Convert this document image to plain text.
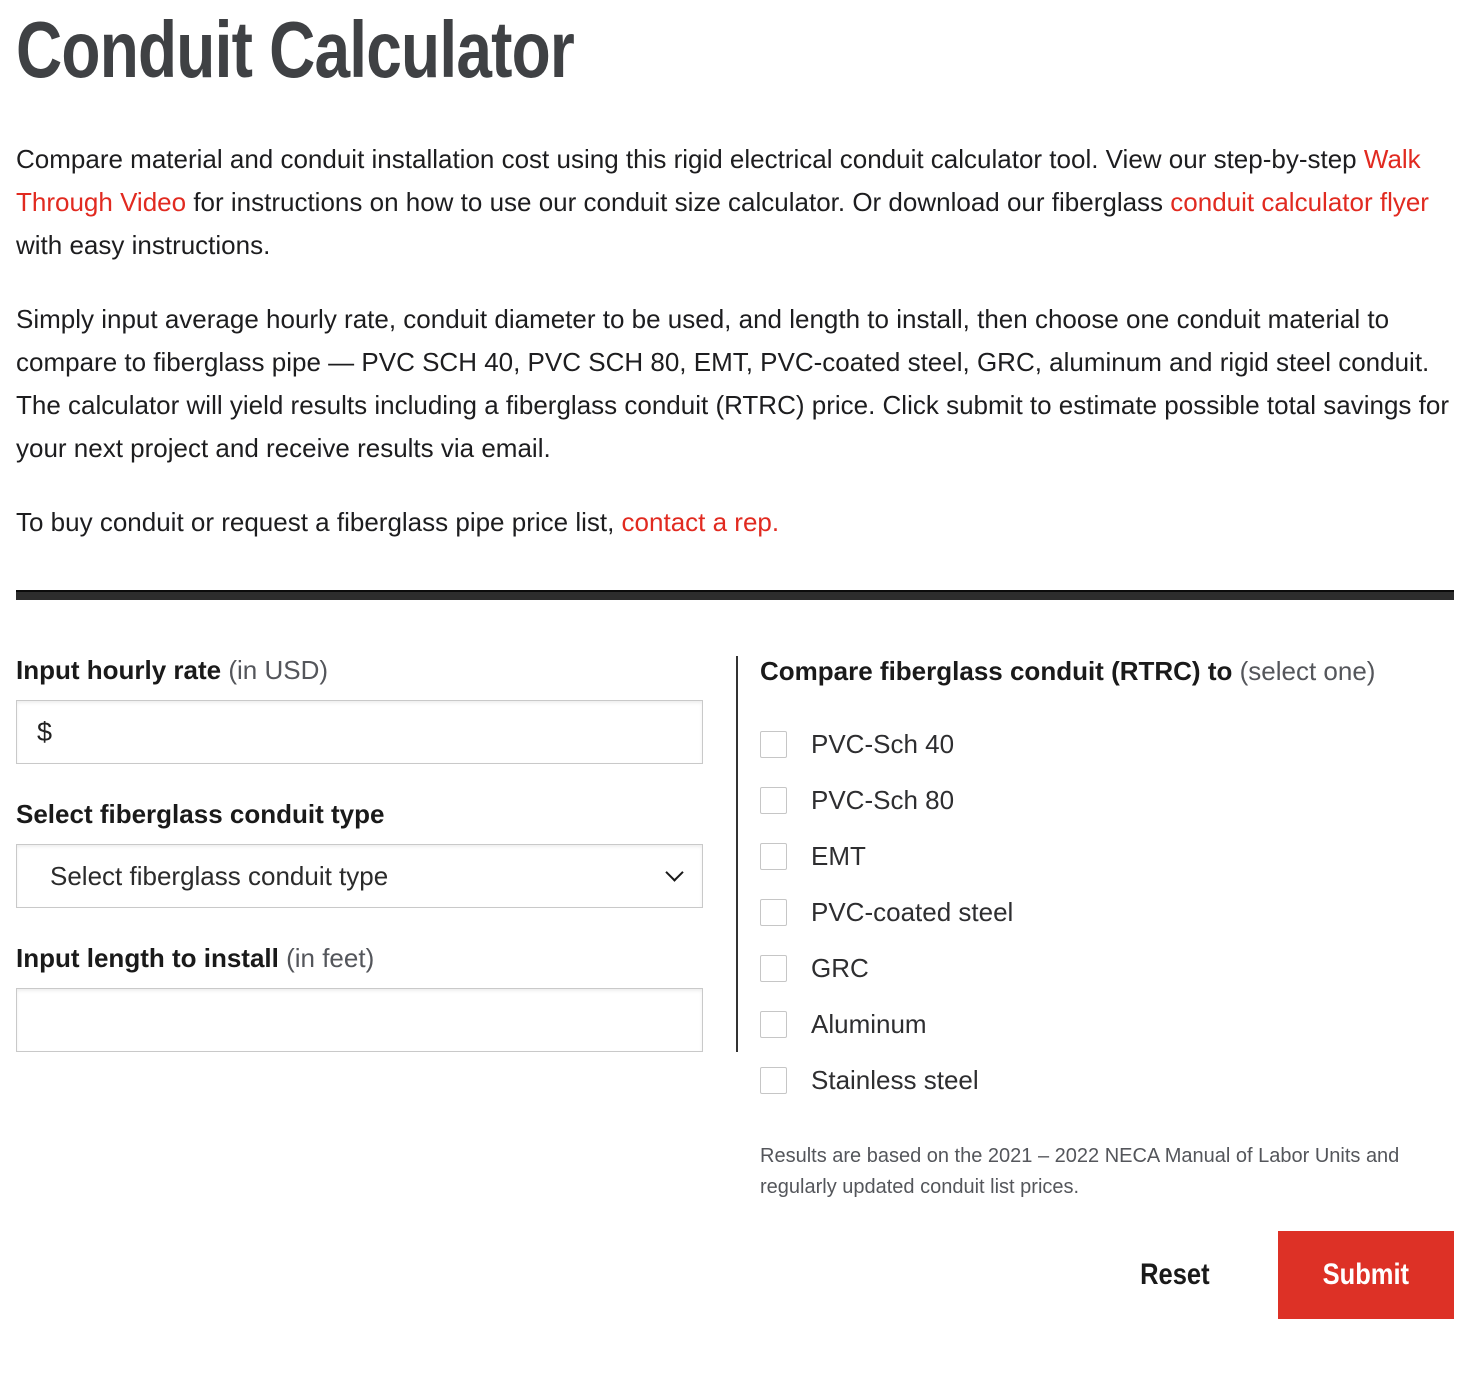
Conduit Calculator

Compare material and conduit installation cost using this rigid electrical conduit calculator tool. View our step-by-step Walk Through Video for instructions on how to use our conduit size calculator. Or download our fiberglass conduit calculator flyer with easy instructions.

Simply input average hourly rate, conduit diameter to be used, and length to install, then choose one conduit material to compare to fiberglass pipe — PVC SCH 40, PVC SCH 80, EMT, PVC-coated steel, GRC, aluminum and rigid steel conduit. The calculator will yield results including a fiberglass conduit (RTRC) price. Click submit to estimate possible total savings for your next project and receive results via email.

To buy conduit or request a fiberglass pipe price list, contact a rep.

Input hourly rate (in USD)
$
Select fiberglass conduit type
Select fiberglass conduit type
Input length to install (in feet)
Compare fiberglass conduit (RTRC) to (select one)
PVC-Sch 40
PVC-Sch 80
EMT
PVC-coated steel
GRC
Aluminum
Stainless steel

Results are based on the 2021 – 2022 NECA Manual of Labor Units and regularly updated conduit list prices.

Reset	Submit
